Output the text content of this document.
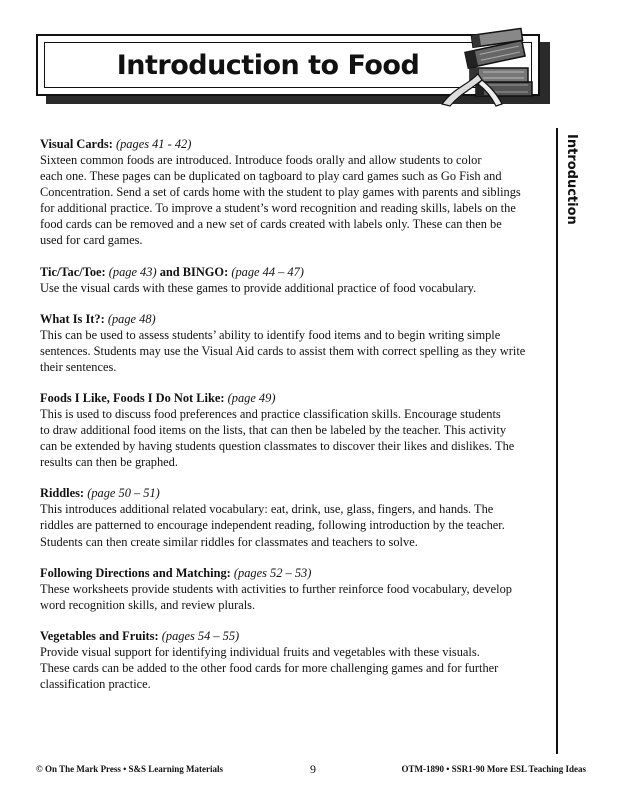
Introduction to Food
Introduction
Visual Cards: (pages 41 - 42)
Sixteen common foods are introduced. Introduce foods orally and allow students to color
each one. These pages can be duplicated on tagboard to play card games such as Go Fish and
Concentration. Send a set of cards home with the student to play games with parents and siblings
for additional practice. To improve a student’s word recognition and reading skills, labels on the
food cards can be removed and a new set of cards created with labels only. These can then be
used for card games.
Tic/Tac/Toe: (page 43) and BINGO: (page 44 – 47)
Use the visual cards with these games to provide additional practice of food vocabulary.
What Is It?: (page 48)
This can be used to assess students’ ability to identify food items and to begin writing simple
sentences. Students may use the Visual Aid cards to assist them with correct spelling as they write
their sentences.
Foods I Like, Foods I Do Not Like: (page 49)
This is used to discuss food preferences and practice classification skills. Encourage students
to draw additional food items on the lists, that can then be labeled by the teacher. This activity
can be extended by having students question classmates to discover their likes and dislikes. The
results can then be graphed.
Riddles: (page 50 – 51)
This introduces additional related vocabulary: eat, drink, use, glass, fingers, and hands. The
riddles are patterned to encourage independent reading, following introduction by the teacher.
Students can then create similar riddles for classmates and teachers to solve.
Following Directions and Matching: (pages 52 – 53)
These worksheets provide students with activities to further reinforce food vocabulary, develop
word recognition skills, and review plurals.
Vegetables and Fruits: (pages 54 – 55)
Provide visual support for identifying individual fruits and vegetables with these visuals.
These cards can be added to the other food cards for more challenging games and for further
classification practice.
© On The Mark Press • S&S Learning Materials	9	OTM-1890 • SSR1-90 More ESL Teaching Ideas
